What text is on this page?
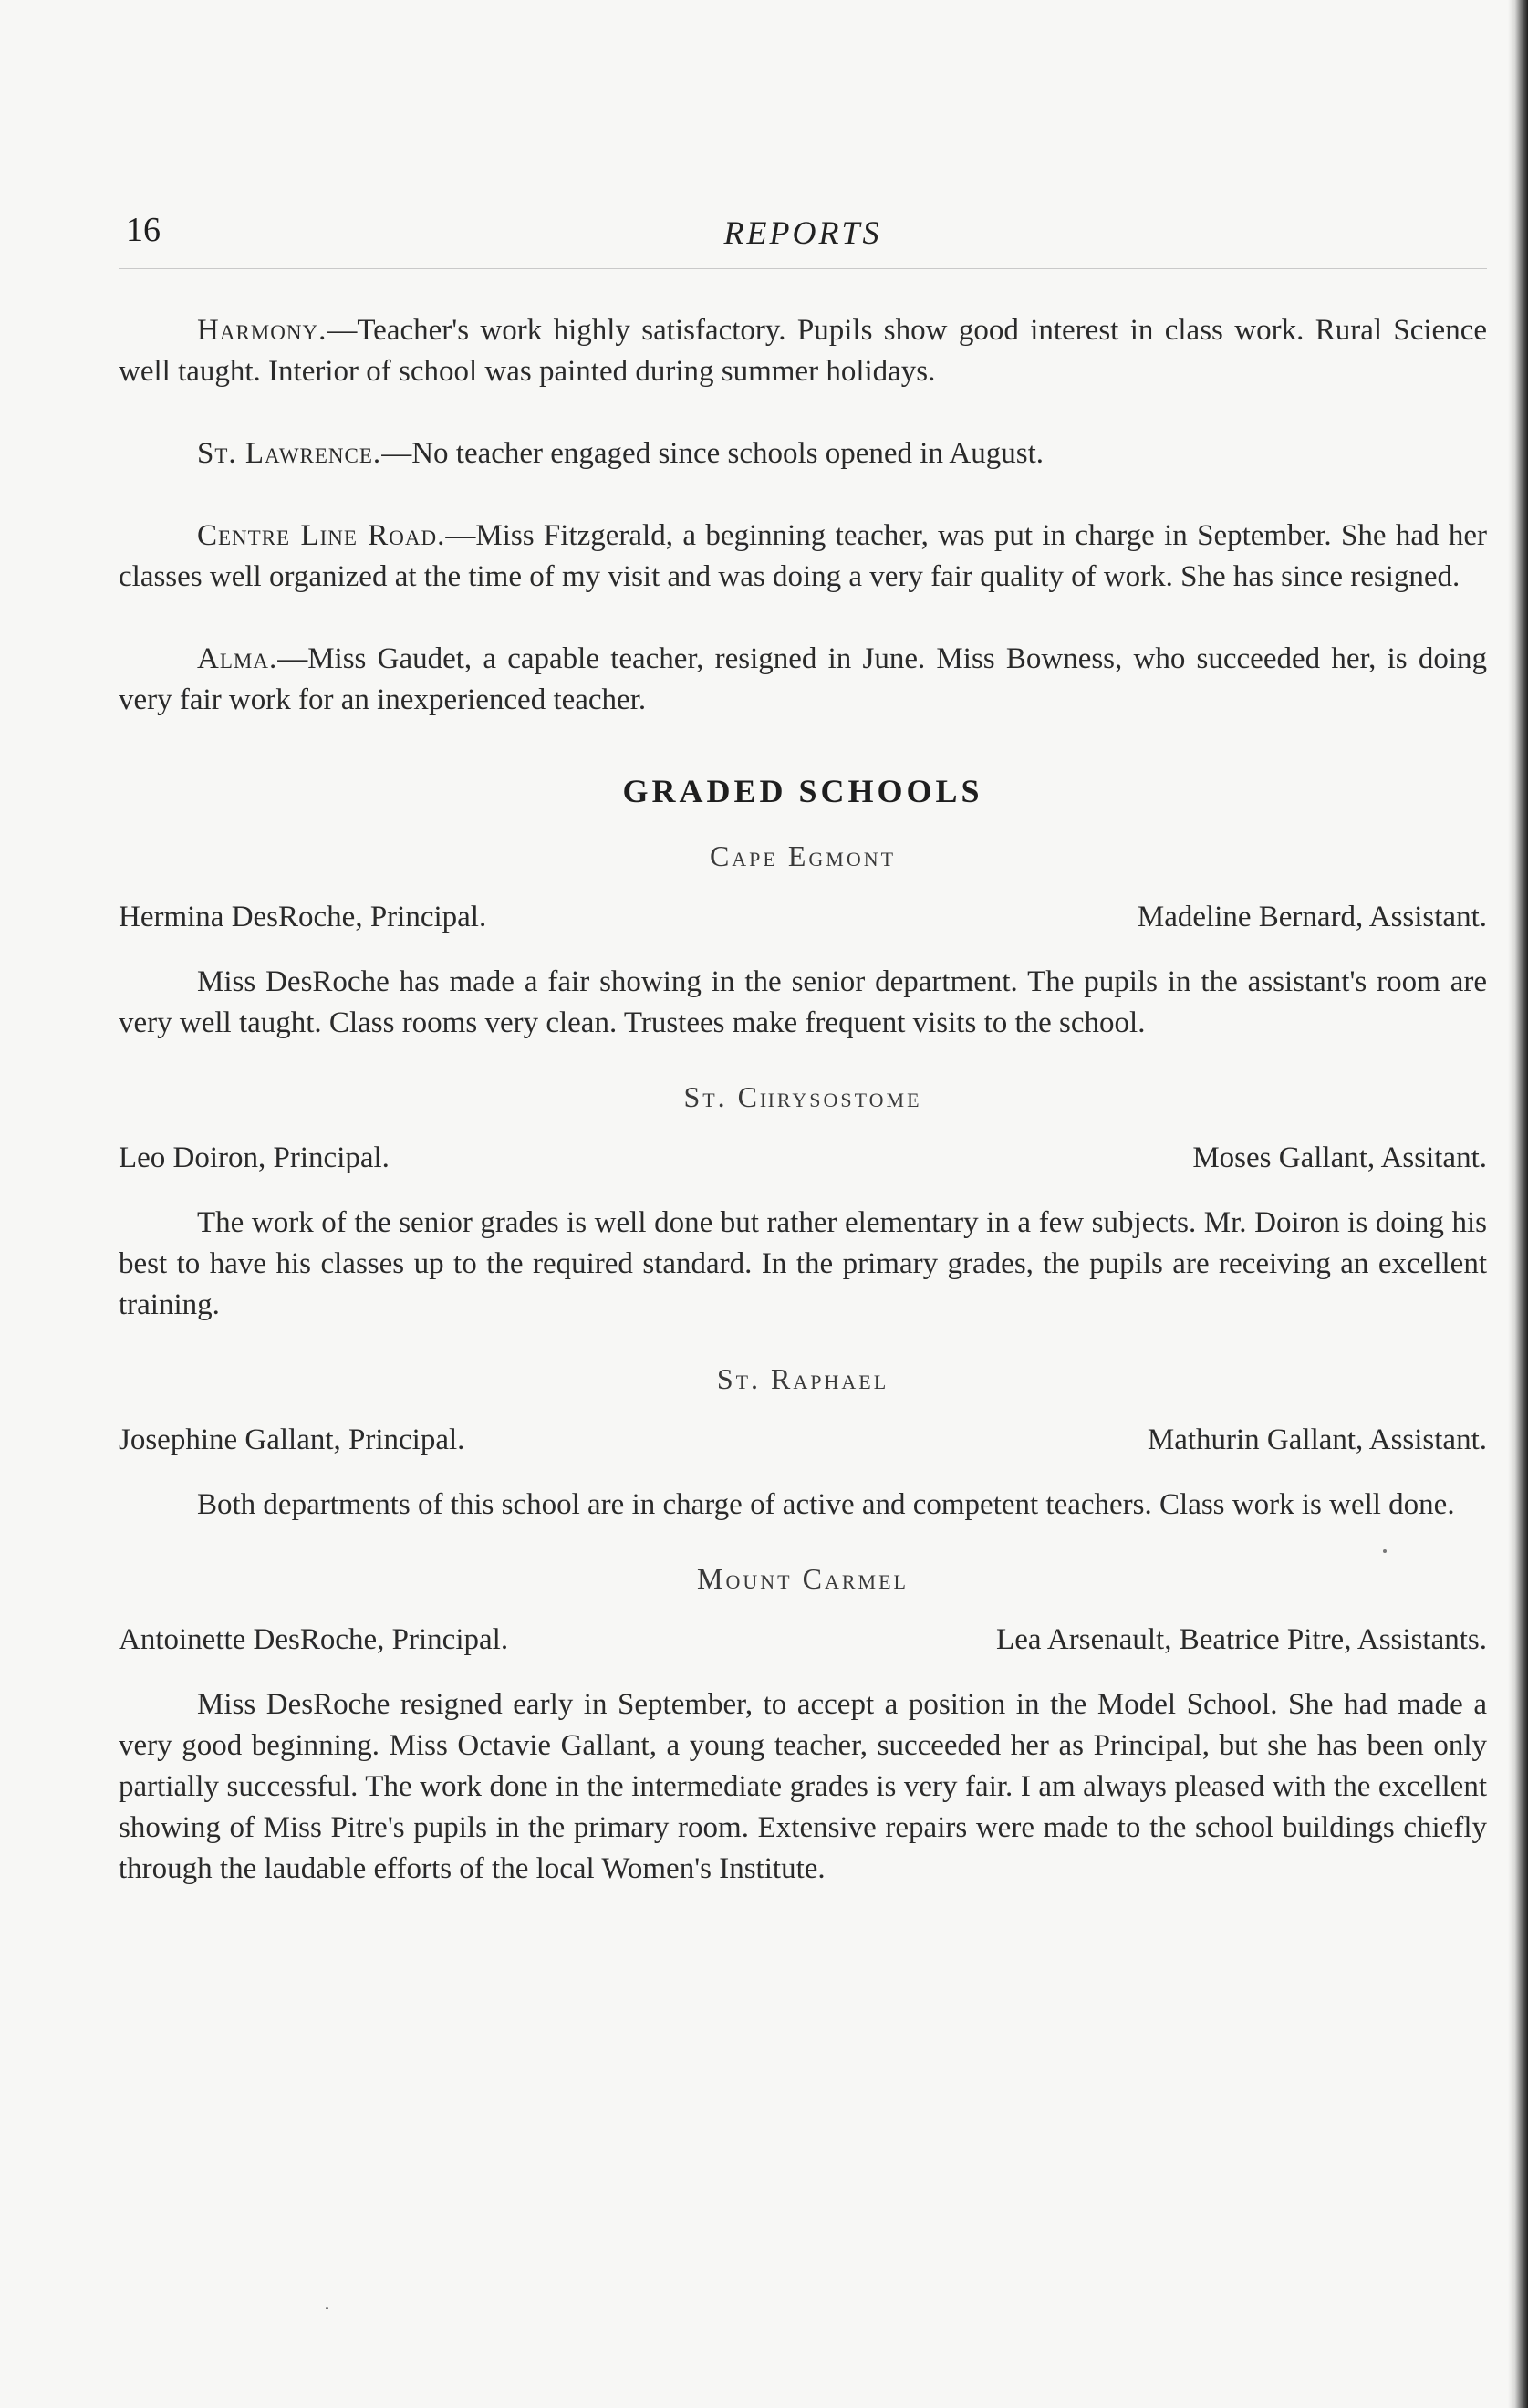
16	REPORTS

Harmony.—Teacher's work highly satisfactory. Pupils show good interest in class work. Rural Science well taught. Interior of school was painted during summer holidays.

St. Lawrence.—No teacher engaged since schools opened in August.

Centre Line Road.—Miss Fitzgerald, a beginning teacher, was put in charge in September. She had her classes well organized at the time of my visit and was doing a very fair quality of work. She has since resigned.

Alma.—Miss Gaudet, a capable teacher, resigned in June. Miss Bowness, who succeeded her, is doing very fair work for an inexperienced teacher.

GRADED SCHOOLS
Cape Egmont
Hermina DesRoche, Principal.	Madeline Bernard, Assistant.

Miss DesRoche has made a fair showing in the senior department. The pupils in the assistant's room are very well taught. Class rooms very clean. Trustees make frequent visits to the school.

St. Chrysostome
Leo Doiron, Principal.	Moses Gallant, Assitant.

The work of the senior grades is well done but rather elementary in a few subjects. Mr. Doiron is doing his best to have his classes up to the required standard. In the primary grades, the pupils are receiving an excellent training.

St. Raphael
Josephine Gallant, Principal.	Mathurin Gallant, Assistant.

Both departments of this school are in charge of active and competent teachers. Class work is well done.

Mount Carmel
Antoinette DesRoche, Principal.	Lea Arsenault, Beatrice Pitre, Assistants.

Miss DesRoche resigned early in September, to accept a position in the Model School. She had made a very good beginning. Miss Octavie Gallant, a young teacher, succeeded her as Principal, but she has been only partially successful. The work done in the intermediate grades is very fair. I am always pleased with the excellent showing of Miss Pitre's pupils in the primary room. Extensive repairs were made to the school buildings chiefly through the laudable efforts of the local Women's Institute.
